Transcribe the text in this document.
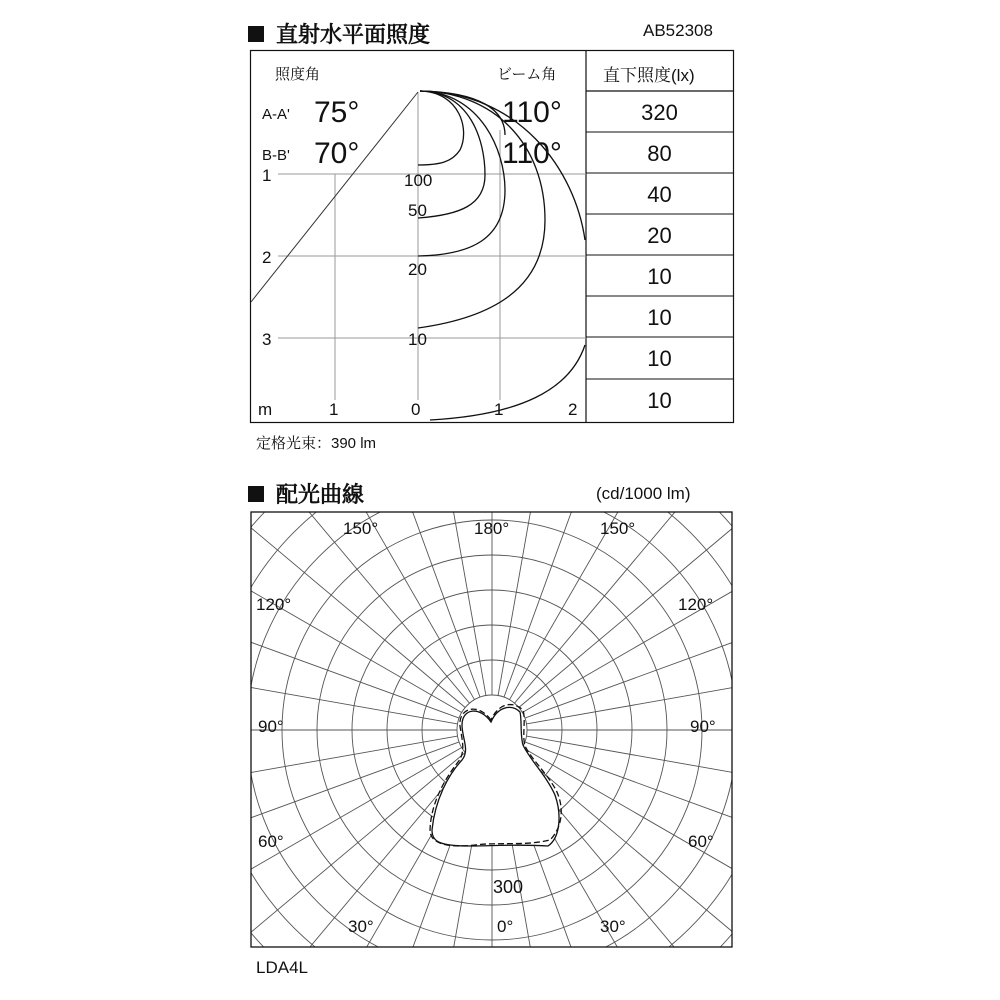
直射水平面照度	AB52308
1
2
3
m	1	0	1	2
100
50
20
10
照度角	ビーム角	直下照度(lx)
A-A' 75°	110°
B-B' 70°	110°
320
80
40
20
10
10
10
10
定格光束：390 lm
配光曲線	(cd/1000 lm)
150°	180°	150°
120°	120°
90°	90°
60°	60°
30°	0°	30°
300
LDA4L
